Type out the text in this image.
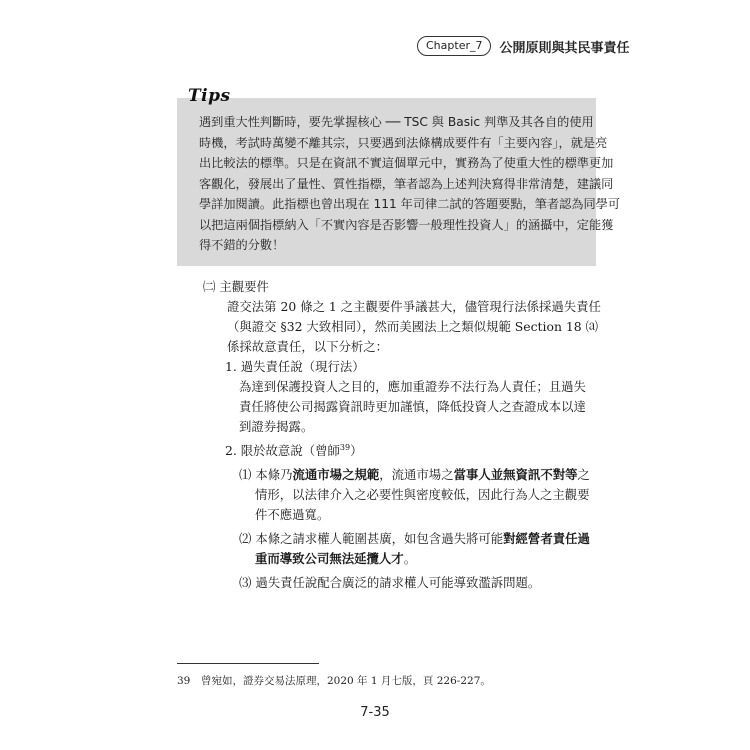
Chapter_7	公開原則與其民事責任
Tips
遇到重大性判斷時，要先掌握核心 ── TSC 與 Basic 判準及其各自的使用
時機，考試時萬變不離其宗，只要遇到法條構成要件有「主要內容」，就是亮
出比較法的標準。只是在資訊不實這個單元中，實務為了使重大性的標準更加
客觀化，發展出了量性、質性指標，筆者認為上述判決寫得非常清楚，建議同
學詳加閱讀。此指標也曾出現在 111 年司律二試的答題要點，筆者認為同學可
以把這兩個指標納入「不實內容是否影響一般理性投資人」的涵攝中，定能獲
得不錯的分數！
㈡ 主觀要件
證交法第 20 條之 1 之主觀要件爭議甚大，儘管現行法係採過失責任
（與證交 §32 大致相同），然而美國法上之類似規範 Section 18 ⒜
係採故意責任，以下分析之：
1. 過失責任說（現行法）
為達到保護投資人之目的，應加重證券不法行為人責任；且過失
責任將使公司揭露資訊時更加謹慎，降低投資人之查證成本以達
到證券揭露。
2. 限於故意說（曾師$^{39}$）
⑴ 本條乃流通市場之規範，流通市場之當事人並無資訊不對等之
情形，以法律介入之必要性與密度較低，因此行為人之主觀要
件不應過寬。
⑵ 本條之請求權人範圍甚廣，如包含過失將可能對經營者責任過
重而導致公司無法延攬人才。
⑶ 過失責任說配合廣泛的請求權人可能導致濫訴問題。
39 曾宛如，證券交易法原理，2020 年 1 月七版，頁 226-227。
7-35
